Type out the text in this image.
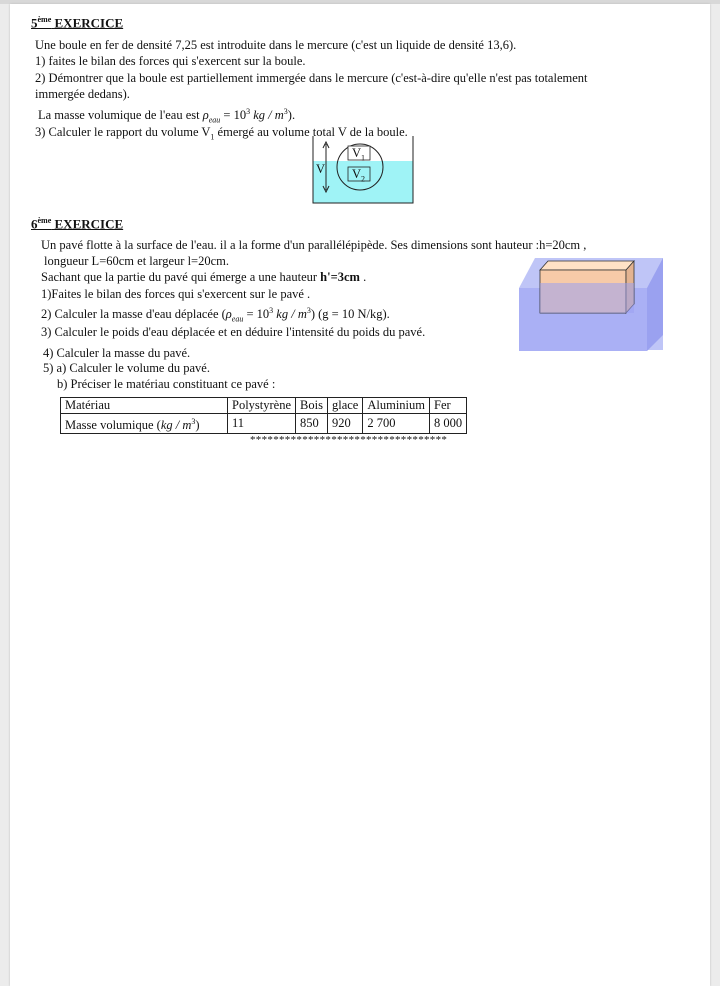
5ème EXERCICE
Une boule en fer de densité 7,25 est introduite dans le mercure (c'est un liquide de densité 13,6).
1) faites le bilan des forces qui s'exercent sur la boule.
2) Démontrer que la boule est partiellement immergée dans le mercure (c'est-à-dire qu'elle n'est pas totalement
immergée dedans).
La masse volumique de l'eau est $\rho_{eau} = 10^3$ kg / $m^3$).
3) Calculer le rapport du volume $V_1$ émergé au volume total V de la boule.
V
$V_1$
$V_2$
6ème EXERCICE
Un pavé flotte à la surface de l'eau. il a la forme d'un parallélépipède. Ses dimensions sont hauteur :h=20cm ,
longueur L=60cm et largeur l=20cm.
Sachant que la partie du pavé qui émerge a une hauteur h'=3cm .
1)Faites le bilan des forces qui s'exercent sur le pavé .
2) Calculer la masse d'eau déplacée ($\rho_{eau} = 10^3$ kg / $m^3$) (g = 10 N/kg).
3) Calculer le poids d'eau déplacée et en déduire l'intensité du poids du pavé.
4) Calculer la masse du pavé.
5) a) Calculer le volume du pavé.
b) Préciser le matériau constituant ce pavé :
Matériau	Polystyrène	Bois	glace	Aluminium	Fer
Masse volumique $(kg / m^3)$	11	850	920	2 700	8 000
**********************************
